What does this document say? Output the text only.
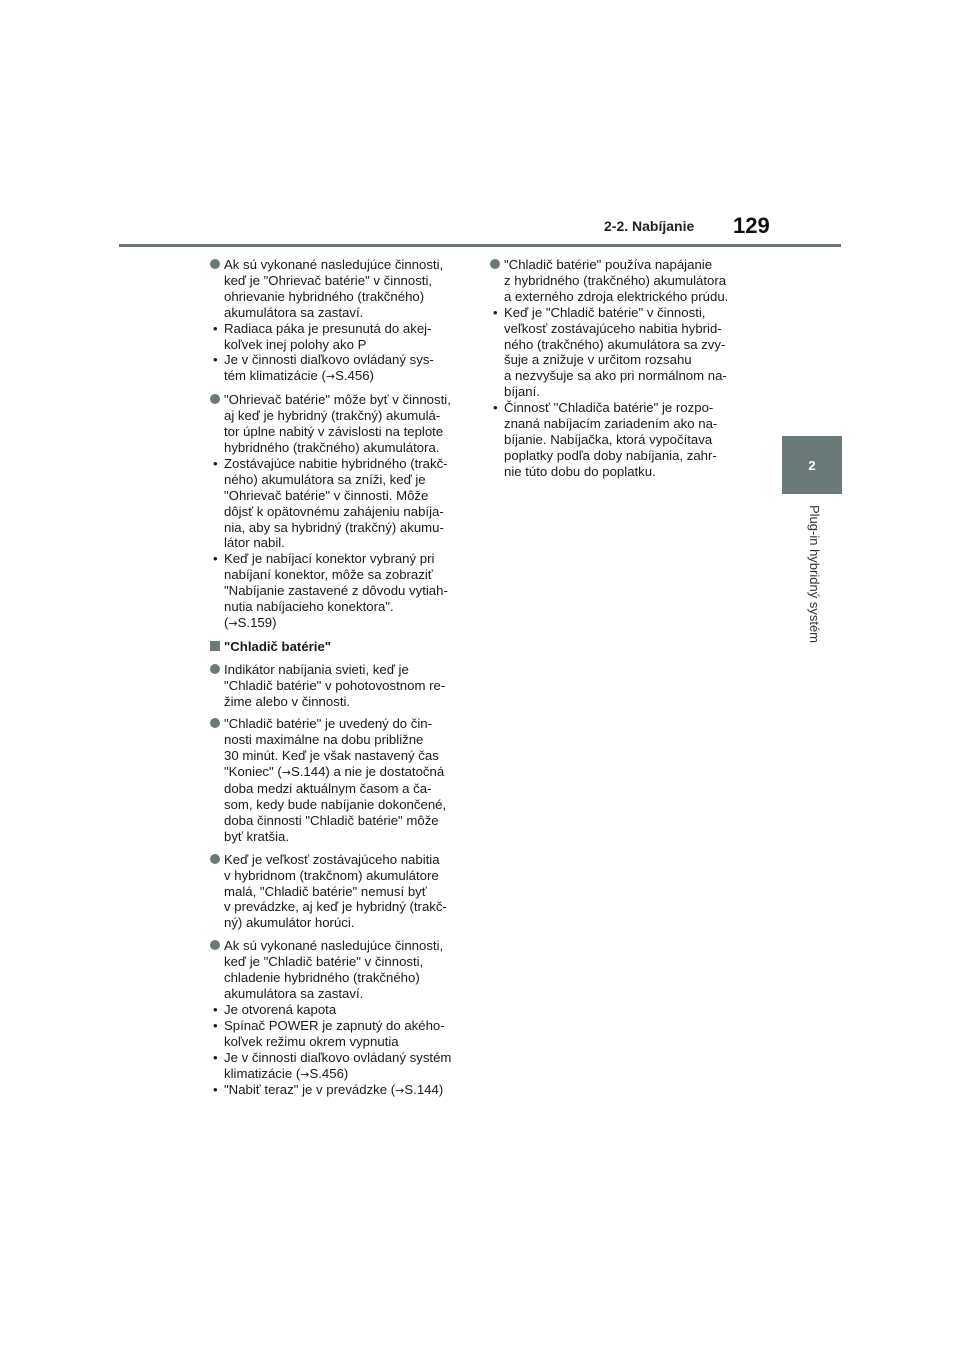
2-2. Nabíjanie 129
2
Plug-in hybridný systém
Ak sú vykonané nasledujúce činnosti,
keď je "Ohrievač batérie" v činnosti,
ohrievanie hybridného (trakčného)
akumulátora sa zastaví.
• Radiaca páka je presunutá do akej-
koľvek inej polohy ako P
• Je v činnosti diaľkovo ovládaný sys-
tém klimatizácie (→S.456)
"Ohrievač batérie" môže byť v činnosti,
aj keď je hybridný (trakčný) akumulá-
tor úplne nabitý v závislosti na teplote
hybridného (trakčného) akumulátora.
• Zostávajúce nabitie hybridného (trakč-
ného) akumulátora sa zníži, keď je
"Ohrievač batérie" v činnosti. Môže
dôjsť k opätovnému zahájeniu nabíja-
nia, aby sa hybridný (trakčný) akumu-
látor nabil.
• Keď je nabíjací konektor vybraný pri
nabíjaní konektor, môže sa zobraziť
"Nabíjanie zastavené z dôvodu vytiah-
nutia nabíjacieho konektora".
(→S.159)
"Chladič batérie"
Indikátor nabíjania svieti, keď je
"Chladič batérie" v pohotovostnom re-
žime alebo v činnosti.
"Chladič batérie" je uvedený do čin-
nosti maximálne na dobu približne
30 minút. Keď je však nastavený čas
"Koniec" (→S.144) a nie je dostatočná
doba medzi aktuálnym časom a ča-
som, kedy bude nabíjanie dokončené,
doba činnosti "Chladič batérie" môže
byť kratšia.
Keď je veľkosť zostávajúceho nabitia
v hybridnom (trakčnom) akumulátore
malá, "Chladič batérie" nemusí byť
v prevádzke, aj keď je hybridný (trakč-
ný) akumulátor horúci.
Ak sú vykonané nasledujúce činnosti,
keď je "Chladič batérie" v činnosti,
chladenie hybridného (trakčného)
akumulátora sa zastaví.
• Je otvorená kapota
• Spínač POWER je zapnutý do akého-
koľvek režimu okrem vypnutia
• Je v činnosti diaľkovo ovládaný systém
klimatizácie (→S.456)
• "Nabiť teraz" je v prevádzke (→S.144)
"Chladič batérie" používa napájanie
z hybridného (trakčného) akumulátora
a externého zdroja elektrického prúdu.
• Keď je "Chladič batérie" v činnosti,
veľkosť zostávajúceho nabitia hybrid-
ného (trakčného) akumulátora sa zvy-
šuje a znižuje v určitom rozsahu
a nezvyšuje sa ako pri normálnom na-
bíjaní.
• Činnosť "Chladiča batérie" je rozpo-
znaná nabíjacím zariadením ako na-
bíjanie. Nabíjačka, ktorá vypočítava
poplatky podľa doby nabíjania, zahr-
nie túto dobu do poplatku.
